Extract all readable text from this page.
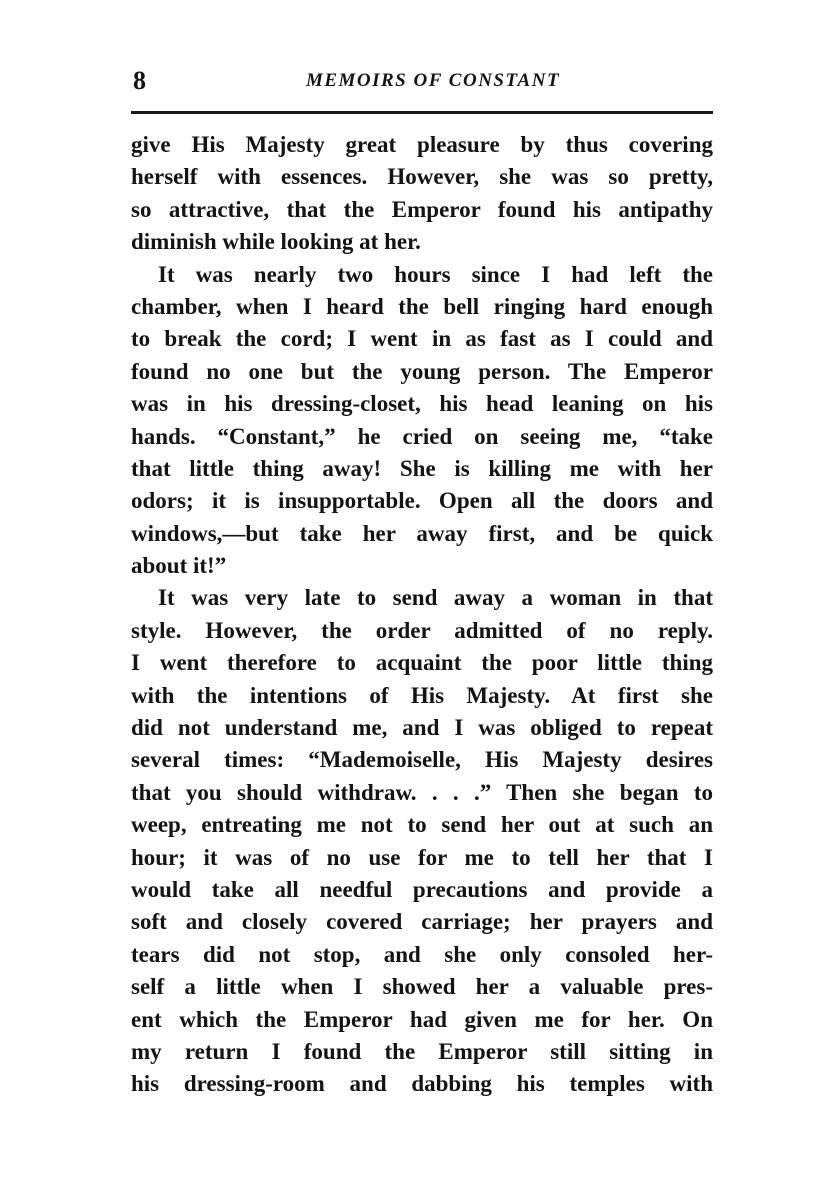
8	MEMOIRS OF CONSTANT
give His Majesty great pleasure by thus covering
herself with essences. However, she was so pretty,
so attractive, that the Emperor found his antipathy
diminish while looking at her.
It was nearly two hours since I had left the
chamber, when I heard the bell ringing hard enough
to break the cord; I went in as fast as I could and
found no one but the young person. The Emperor
was in his dressing-closet, his head leaning on his
hands. “Constant,” he cried on seeing me, “take
that little thing away! She is killing me with her
odors; it is insupportable. Open all the doors and
windows,—but take her away first, and be quick
about it!”
It was very late to send away a woman in that
style. However, the order admitted of no reply.
I went therefore to acquaint the poor little thing
with the intentions of His Majesty. At first she
did not understand me, and I was obliged to repeat
several times: “Mademoiselle, His Majesty desires
that you should withdraw. . . .” Then she began to
weep, entreating me not to send her out at such an
hour; it was of no use for me to tell her that I
would take all needful precautions and provide a
soft and closely covered carriage; her prayers and
tears did not stop, and she only consoled her-
self a little when I showed her a valuable pres-
ent which the Emperor had given me for her. On
my return I found the Emperor still sitting in
his dressing-room and dabbing his temples with
